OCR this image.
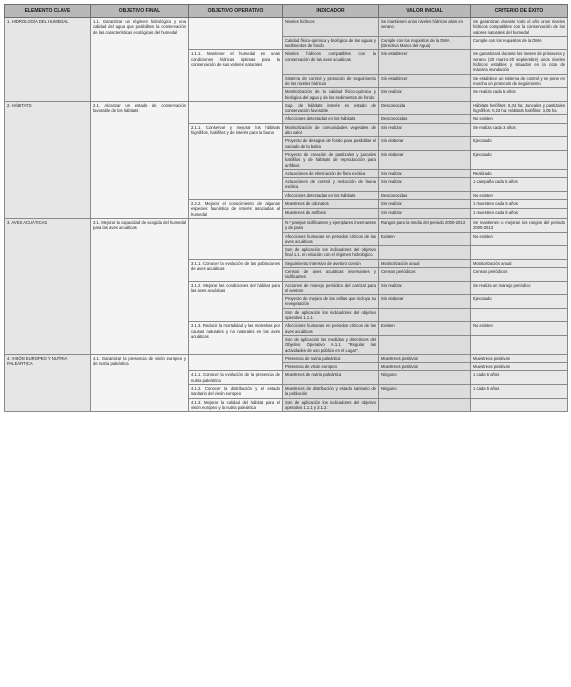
ELEMENTO CLAVE	OBJETIVO FINAL	OBJETIVO OPERATIVO	INDICADOR	VALOR INICIAL	CRITERIO DE ÉXITO
1. HIDROLOGÍA DEL HUMEDAL	1.1. Garantizar un régimen hidrológico y una calidad del agua que posibiliten la conservación de las características ecológicas del humedal		Niveles hídricos	Se mantienen unos niveles hídricos altos en verano	Se garantizan durante todo el año unos niveles hídricos compatibles con la conservación de los valores naturales del humedal
			Calidad físico-química y biológica de las aguas y sedimentos de fondo	Cumple con los requisitos de la DMA (Directiva Marco del Agua)	Cumple con los requisitos de la DMA
		1.1.1. Mantener el humedal en unas condiciones hídricas óptimas para la conservación de sus valores naturales	Niveles hídricos compatibles con la conservación de las aves acuáticas	Sin establecer	Se garantizará durante los meses de primavera y verano (20 marzo-20 septiembre) unos niveles hídricos estables y situados en la cota de máxima inundación
			Sistema de control y protocolo de seguimiento de los niveles hídricos	Sin establecer	Se establece un sistema de control y se pone en marcha un protocolo de seguimiento
			Monitorización de la calidad físico-química y biológica del agua y de los sedimentos de fondo	Sin realizar	Se realiza cada 5 años
2. HÁBITATS	2.1. Alcanzar un estado de conservación favorable de los hábitats		Sup. de hábitats interés en estado de conservación favorable	Desconocida	Hábitats helófitos: 6,34 ha; Juncales y pastizales higrófilos: 0,23 ha; Hábitats halófilos: 3,05 ha
			Afecciones detectadas en los hábitats	Desconocidas	No existen
		2.1.1. Conservar y mejorar los hábitats higrófilos, halófilos y de interés para la fauna	Monitorización de comunidades vegetales de alto valor	Sin realizar	Se realiza cada 3 años
			Proyecto de desagüe de fondo para posibilitar el vaciado de la balsa	Sin elaborar	Ejecutado
			Proyecto de creación de pastizales y juncales halófilos y de hábitats de reproducción para anfibios	Sin elaborar	Ejecutado
			Actuaciones de eliminación de flora exótica	Sin realizar	Realizado
			Actuaciones de control y reducción de fauna exótica	Sin realizar	1 campaña cada 5 años
			Afecciones detectadas en los hábitats	Desconocidas	No existen
		2.2.2. Mejorar el conocimiento de algunas especies faunística de interés asociadas al humedal	Muestreos de odonatos	Sin realizar	1 muestreo cada 5 años
			Muestreos de anfibios	Sin realizar	1 muestreo cada 5 años
3. AVES ACUÁTICAS	3.1. Mejorar la capacidad de acogida del humedal para las aves acuáticas		N.º parejas nidificantes y ejemplares invernantes y de paso	Rangos para la media del periodo 2000-2013	Se mantienen o mejoran los rangos del periodo 2000-2013
			Afecciones humanas en periodos críticos de las aves acuáticas	Existen	No existen
			Son de aplicación los indicadores del objetivo final 1.1. en relación con el régimen hidrológico		
		3.1.1. Conocer la evolución de las poblaciones de aves acuáticas	Seguimiento intensivo de avetoro común	Monitorización anual	Monitorización anual
			Censos de aves acuáticas invernantes y nidificantes	Censos periódicos	Censos periódicos
		3.1.2. Mejorar las condiciones del hábitat para las aves acuáticas	Acciones de manejo periódico del carrizal para el avetoro	Sin realizar	Se realiza un manejo periódico
			Proyecto de mejora de las orillas que incluya su revegetación	Sin elaborar	Ejecutado
			Son de aplicación los indicadores del objetivo operativo 1.1.1.		
		3.1.3. Reducir la mortalidad y las molestias por causas naturales y no naturales en las aves acuáticas	Afecciones humanas en periodos críticos de las aves acuáticas	Existen	No existen
			Son de aplicación las medidas y directrices del Objetivo Operativo A.1.1. "Regular las actividades de uso público en el Lugar".		
4. VISÓN EUROPEO Y NUTRIA PALEÁRTICA	4.1. Garantizar la presencia de visón europeo y de nutria paleártica		Presencia de nutria paleártica	Muestreos positivos	Muestreos positivos
			Presencia de visón europeo	Muestreos positivos	Muestreos positivos
		4.1.1. Conocer la evolución de la presencia de nutria paleártica	Muestreos de nutria paleártica	Ninguno	1 cada 5 años
		4.1.2. Conocer la distribución y el estado sanitario del visón europeo	Muestreos de distribución y estado sanitario de la población	Ninguno	1 cada 5 años
		4.1.3. Mejorar la calidad del hábitat para el visón europeo y la nutria paleártica	Son de aplicación los indicadores del objetivo operativo 1.1.1 y 3.1.2.		
